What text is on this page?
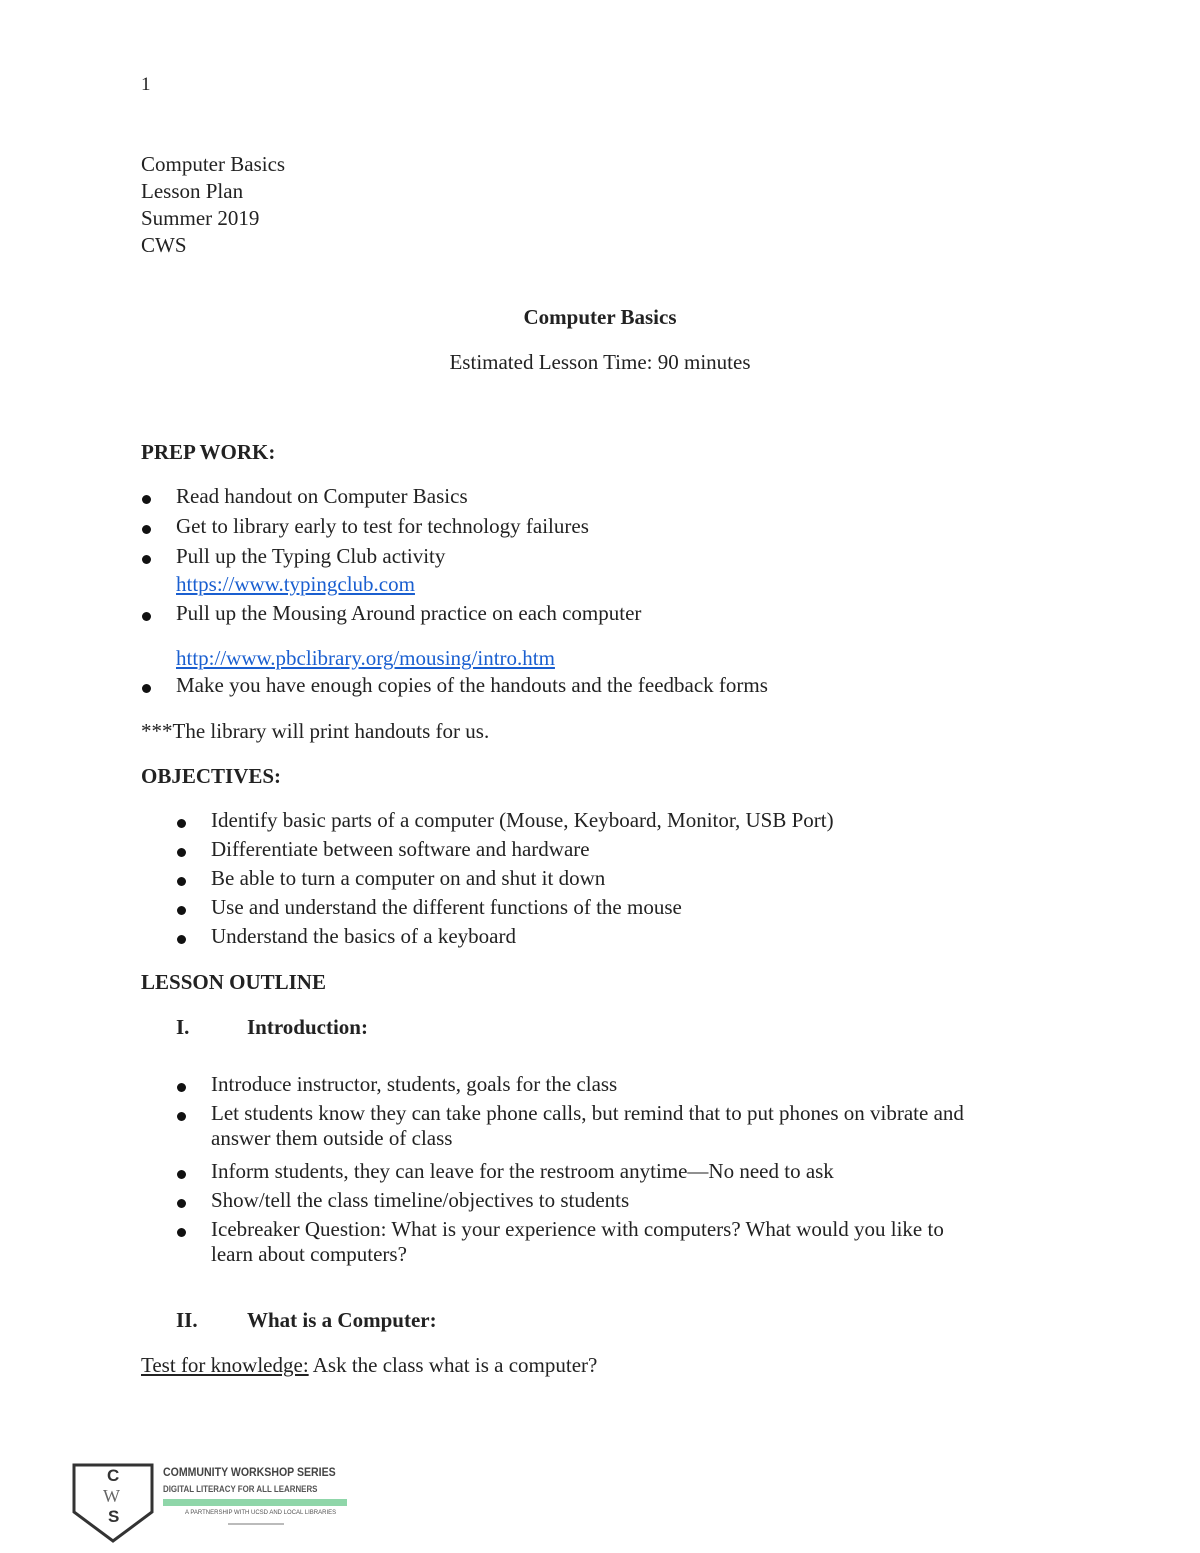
1
Computer Basics
Lesson Plan
Summer 2019
CWS
Computer Basics
Estimated Lesson Time: 90 minutes
PREP WORK:
Read handout on Computer Basics
Get to library early to test for technology failures
Pull up the Typing Club activity
https://www.typingclub.com
Pull up the Mousing Around practice on each computer
http://www.pbclibrary.org/mousing/intro.htm
Make you have enough copies of the handouts and the feedback forms
***The library will print handouts for us.
OBJECTIVES:
Identify basic parts of a computer (Mouse, Keyboard, Monitor, USB Port)
Differentiate between software and hardware
Be able to turn a computer on and shut it down
Use and understand the different functions of the mouse
Understand the basics of a keyboard
LESSON OUTLINE
I.	Introduction:
Introduce instructor, students, goals for the class
Let students know they can take phone calls, but remind that to put phones on vibrate and
answer them outside of class
Inform students, they can leave for the restroom anytime—No need to ask
Show/tell the class timeline/objectives to students
Icebreaker Question: What is your experience with computers? What would you like to
learn about computers?
II. What is a Computer:
Test for knowledge: Ask the class what is a computer?
C
W
S
COMMUNITY WORKSHOP SERIES
DIGITAL LITERACY FOR ALL LEARNERS
A PARTNERSHIP WITH UCSD AND LOCAL LIBRARIES
